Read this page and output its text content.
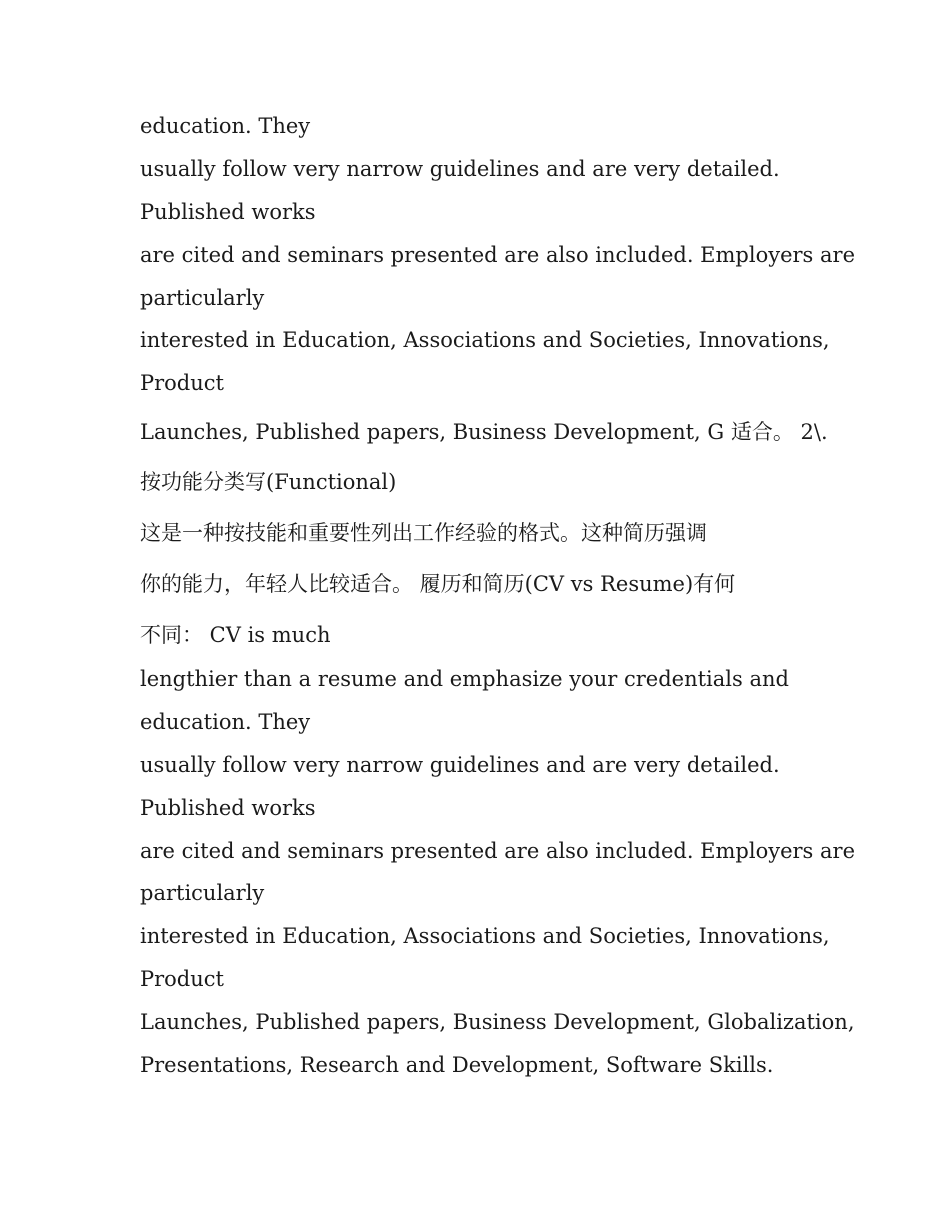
education. They
usually follow very narrow guidelines and are very detailed.
Published works
are cited and seminars presented are also included. Employers are
particularly
interested in Education, Associations and Societies, Innovations,
Product
Launches, Published papers, Business Development, G 适合。 2\.
按功能分类写(Functional)
这是一种按技能和重要性列出工作经验的格式。这种简历强调
你的能力，年轻人比较适合。 履历和简历(CV vs Resume)有何
不同： CV is much
lengthier than a resume and emphasize your credentials and
education. They
usually follow very narrow guidelines and are very detailed.
Published works
are cited and seminars presented are also included. Employers are
particularly
interested in Education, Associations and Societies, Innovations,
Product
Launches, Published papers, Business Development, Globalization,
Presentations, Research and Development, Software Skills.
